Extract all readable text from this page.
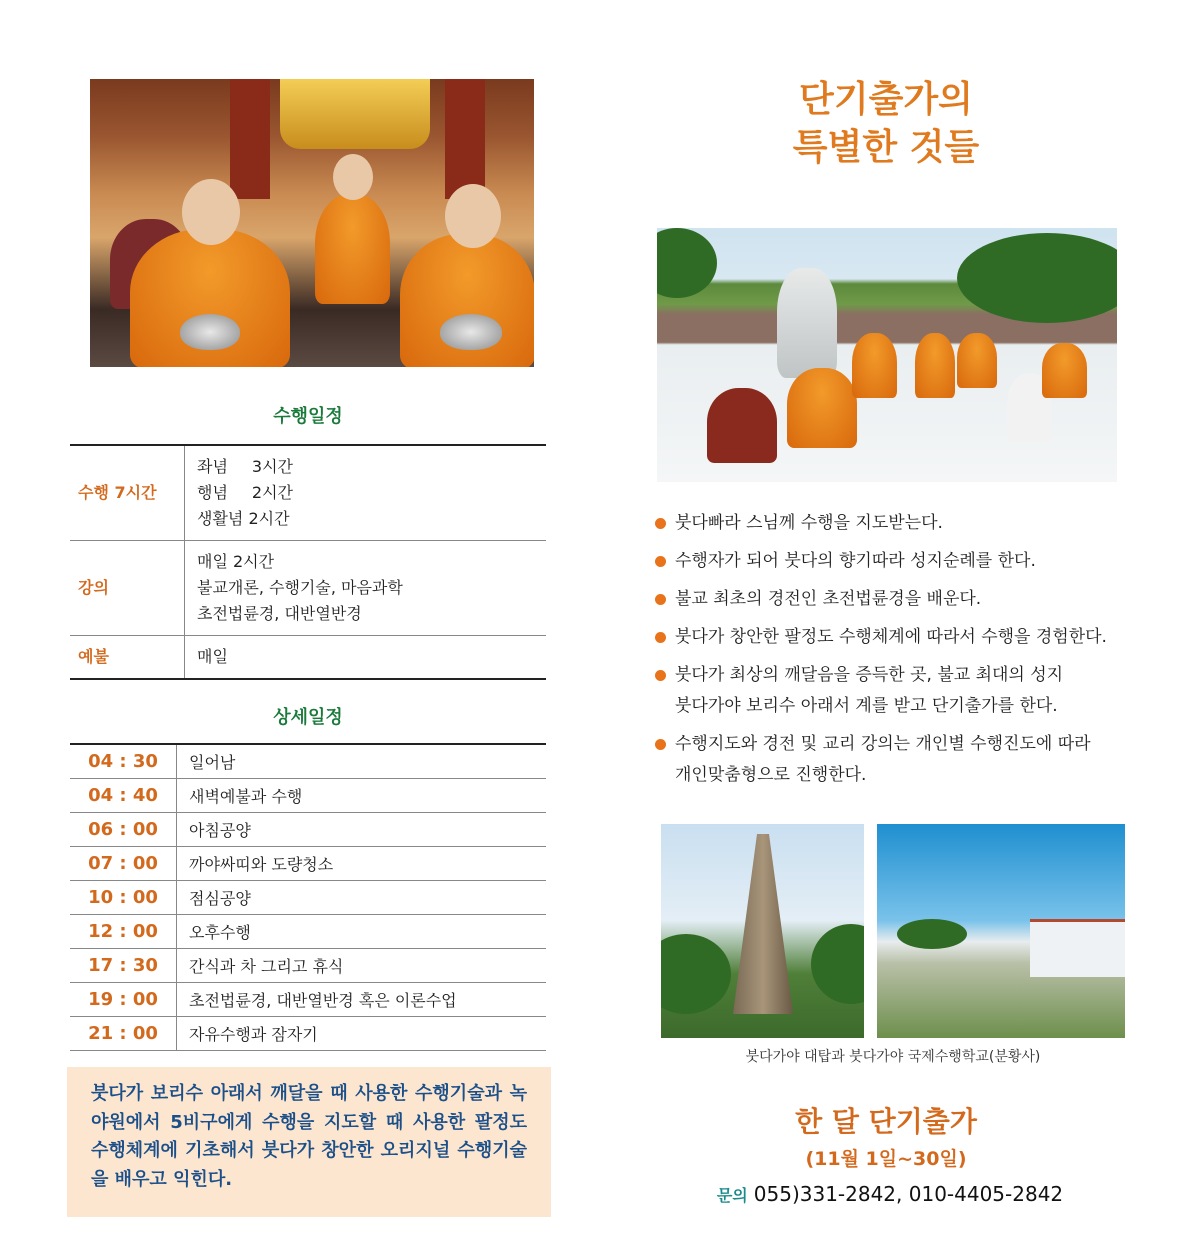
수행일정
수행 7시간	좌념 3시간
행념 2시간
생활념 2시간

강의	매일 2시간
불교개론, 수행기술, 마음과학
초전법륜경, 대반열반경

예불	매일
상세일정
04 : 30	일어남
04 : 40	새벽예불과 수행
06 : 00	아침공양
07 : 00	까야싸띠와 도량청소
10 : 00	점심공양
12 : 00	오후수행
17 : 30	간식과 차 그리고 휴식
19 : 00	초전법륜경, 대반열반경 혹은 이론수업
21 : 00	자유수행과 잠자기
붓다가 보리수 아래서 깨달을 때 사용한 수행기술과 녹야원에서 5비구에게 수행을 지도할 때 사용한 팔정도 수행체계에 기초해서 붓다가 창안한 오리지널 수행기술을 배우고 익힌다.
단기출가의
특별한 것들
붓다빠라 스님께 수행을 지도받는다.
수행자가 되어 붓다의 향기따라 성지순례를 한다.
불교 최초의 경전인 초전법륜경을 배운다.
붓다가 창안한 팔정도 수행체계에 따라서 수행을 경험한다.
붓다가 최상의 깨달음을 증득한 곳, 불교 최대의 성지
붓다가야 보리수 아래서 계를 받고 단기출가를 한다.
수행지도와 경전 및 교리 강의는 개인별 수행진도에 따라
개인맞춤형으로 진행한다.
붓다가야 대탑과 붓다가야 국제수행학교(분황사)
한 달 단기출가
(11월 1일~30일)
문의 055)331-2842, 010-4405-2842
